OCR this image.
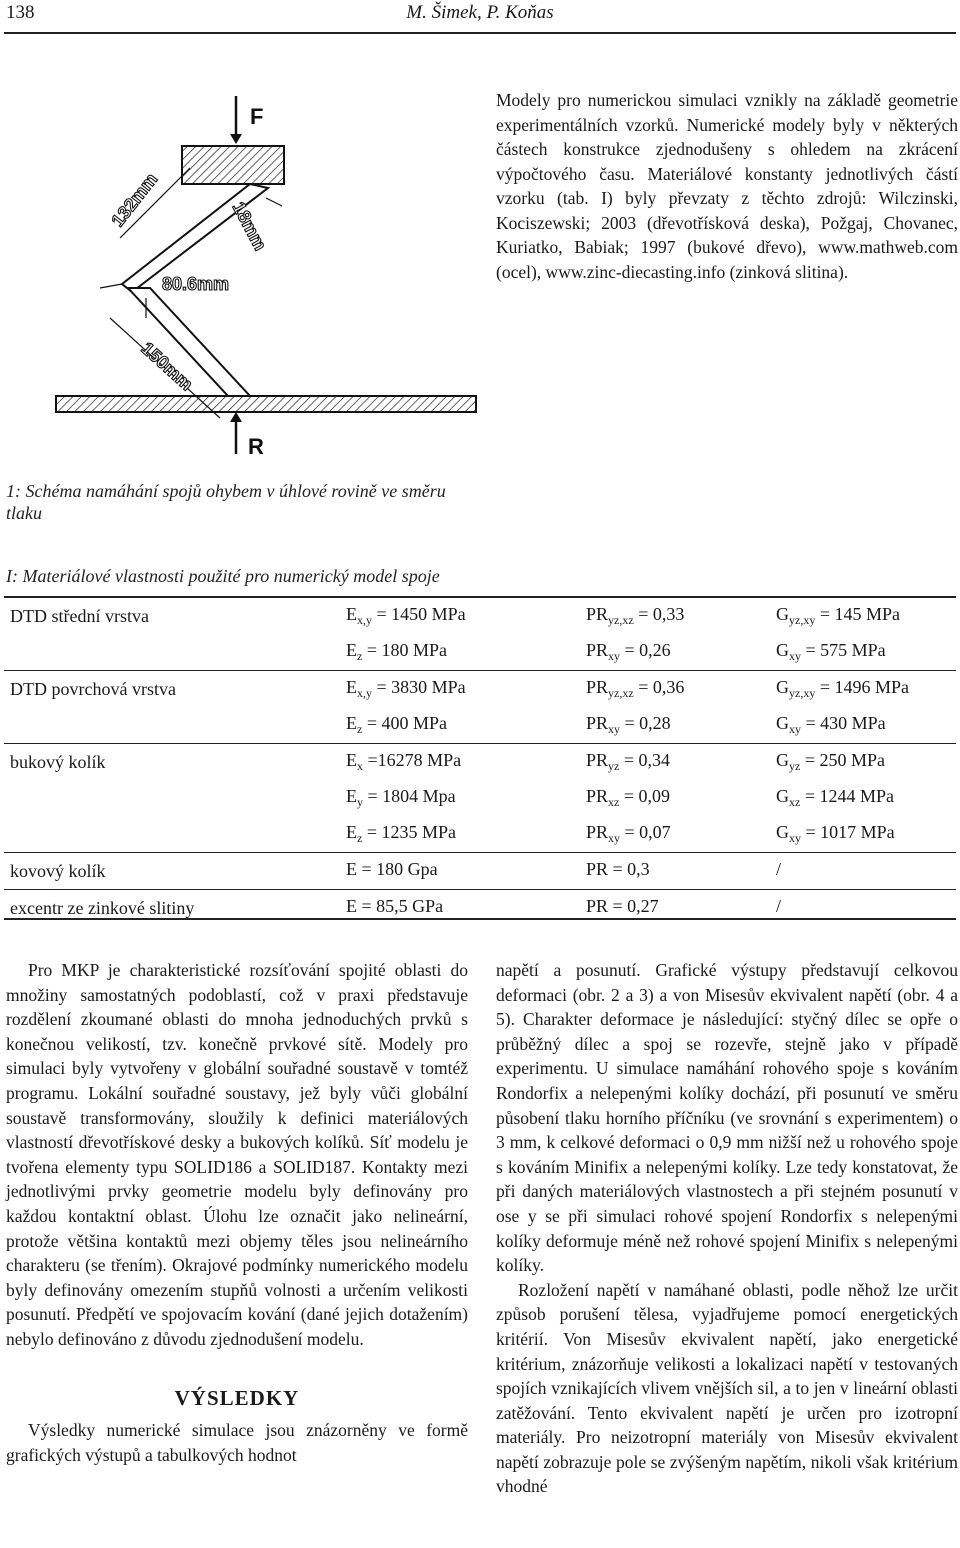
138	M. Šimek, P. Koňas
F
R
132mm	18mm
80.6mm
150mm

Modely pro numerickou simulaci vznikly na základě geometrie experimentálních vzorků. Numerické modely byly v některých částech konstrukce zjednodušeny s ohledem na zkrácení výpočtového času. Materiálové konstanty jednotlivých částí vzorku (tab. I) byly převzaty z těchto zdrojů: Wilczinski, Kociszewski; 2003 (dřevotřísková deska), Požgaj, Chovanec, Kuriatko, Babiak; 1997 (bukové dřevo), www.mathweb.com (ocel), www.zinc-diecasting.info (zinková slitina).

1: Schéma namáhání spojů ohybem v úhlové rovině ve směru tlaku
I: Materiálové vlastnosti použité pro numerický model spoje
DTD střední vrstva	$E_{x,y} = 1450$ MPa	$PR_{yz,xz} = 0,33$	$G_{yz,xy} = 145$ MPa
	$E_z = 180$ MPa	$PR_{xy} = 0,26$	$G_{xy} = 575$ MPa
DTD povrchová vrstva	$E_{x,y} = 3830$ MPa	$PR_{yz,xz} = 0,36$	$G_{yz,xy} = 1496$ MPa
	$E_z = 400$ MPa	$PR_{xy} = 0,28$	$G_{xy} = 430$ MPa
bukový kolík	$E_x =16278$ MPa	$PR_{yz} = 0,34$	$G_{yz} = 250$ MPa
	$E_y = 1804$ Mpa	$PR_{xz} = 0,09$	$G_{xz} = 1244$ MPa
	$E_z = 1235$ MPa	$PR_{xy} = 0,07$	$G_{xy} = 1017$ MPa
kovový kolík	E = 180 Gpa	PR = 0,3	/
excentr ze zinkové slitiny	E = 85,5 GPa	PR = 0,27	/

Pro MKP je charakteristické rozsíťování spojité oblasti do množiny samostatných podoblastí, což v praxi představuje rozdělení zkoumané oblasti do mnoha jednoduchých prvků s konečnou velikostí, tzv. konečně prvkové sítě. Modely pro simulaci byly vytvořeny v globální souřadné soustavě v tomtéž programu. Lokální souřadné soustavy, jež byly vůči globální soustavě transformovány, sloužily k definici materiálových vlastností dřevotřískové desky a bukových kolíků. Síť modelu je tvořena elementy typu SOLID186 a SOLID187. Kontakty mezi jednotlivými prvky geometrie modelu byly definovány pro každou kontaktní oblast. Úlohu lze označit jako nelineární, protože většina kontaktů mezi objemy těles jsou nelineárního charakteru (se třením). Okrajové podmínky numerického modelu byly definovány omezením stupňů volnosti a určením velikosti posunutí. Předpětí ve spojovacím kování (dané jejich dotažením) nebylo definováno z důvodu zjednodušení modelu.

VÝSLEDKY

Výsledky numerické simulace jsou znázorněny ve formě grafických výstupů a tabulkových hodnot

napětí a posunutí. Grafické výstupy představují celkovou deformaci (obr. 2 a 3) a von Misesův ekvivalent napětí (obr. 4 a 5). Charakter deformace je následující: styčný dílec se opře o průběžný dílec a spoj se rozevře, stejně jako v případě experimentu. U simulace namáhání rohového spoje s kováním Rondorfix a nelepenými kolíky dochází, při posunutí ve směru působení tlaku horního příčníku (ve srovnání s experimentem) o 3 mm, k celkové deformaci o 0,9 mm nižší než u rohového spoje s kováním Minifix a nelepenými kolíky. Lze tedy konstatovat, že při daných materiálových vlastnostech a při stejném posunutí v ose y se při simulaci rohové spojení Rondorfix s nelepenými kolíky deformuje méně než rohové spojení Minifix s nelepenými kolíky.

Rozložení napětí v namáhané oblasti, podle něhož lze určit způsob porušení tělesa, vyjadřujeme pomocí energetických kritérií. Von Misesův ekvivalent napětí, jako energetické kritérium, znázorňuje velikosti a lokalizaci napětí v testovaných spojích vznikajících vlivem vnějších sil, a to jen v lineární oblasti zatěžování. Tento ekvivalent napětí je určen pro izotropní materiály. Pro neizotropní materiály von Misesův ekvivalent napětí zobrazuje pole se zvýšeným napětím, nikoli však kritérium vhodné
